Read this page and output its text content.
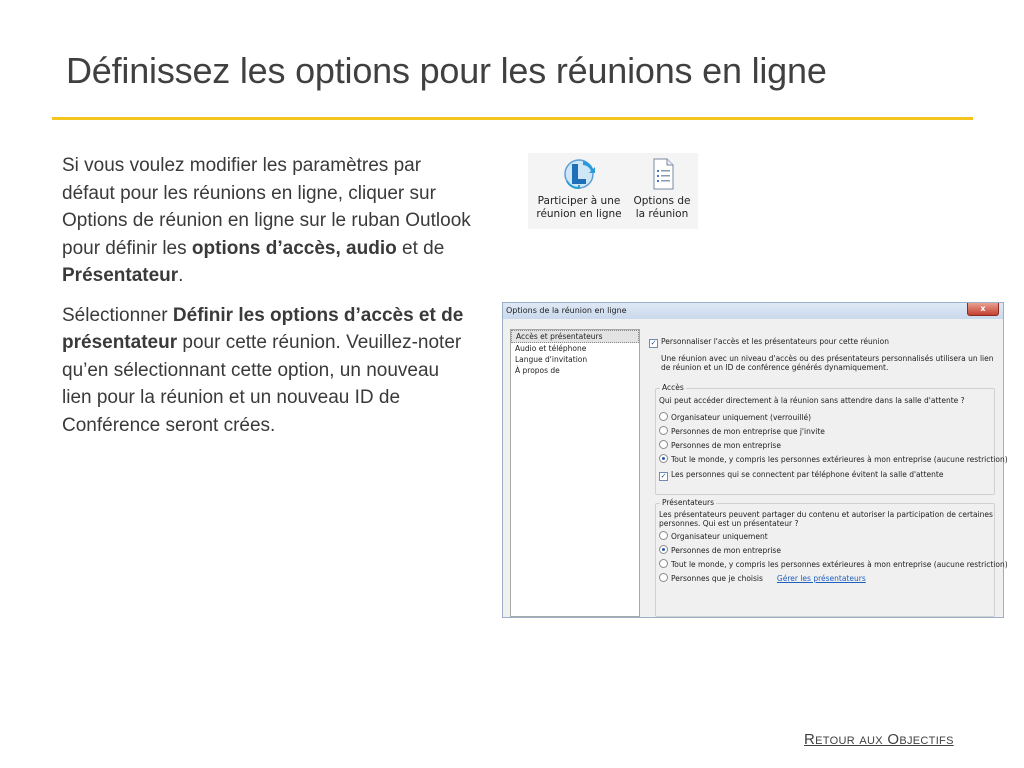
Définissez les options pour les réunions en ligne

Si vous voulez modifier les paramètres par défaut pour les réunions en ligne, cliquer sur Options de réunion en ligne sur le ruban Outlook pour définir les options d’accès, audio et de Présentateur.

Sélectionner Définir les options d’accès et de présentateur pour cette réunion. Veuillez-noter qu’en sélectionnant cette option, un nouveau lien pour la réunion et un nouveau ID de Conférence seront crées.

Participer à une
réunion en ligne
Options de
la réunion
Options de la réunion en ligne	x
Accès et présentateurs
Audio et téléphone
Langue d'invitation
À propos de
✓ Personnaliser l'accès et les présentateurs pour cette réunion
Une réunion avec un niveau d'accès ou des présentateurs personnalisés utilisera un lien
de réunion et un ID de conférence générés dynamiquement.
Accès
Qui peut accéder directement à la réunion sans attendre dans la salle d'attente ?
Organisateur uniquement (verrouillé)
Personnes de mon entreprise que j'invite
Personnes de mon entreprise
Tout le monde, y compris les personnes extérieures à mon entreprise (aucune restriction)
✓ Les personnes qui se connectent par téléphone évitent la salle d'attente
Présentateurs
Les présentateurs peuvent partager du contenu et autoriser la participation de certaines
personnes. Qui est un présentateur ?
Organisateur uniquement
Personnes de mon entreprise
Tout le monde, y compris les personnes extérieures à mon entreprise (aucune restriction)
Personnes que je choisis Gérer les présentateurs
Retour aux Objectifs
